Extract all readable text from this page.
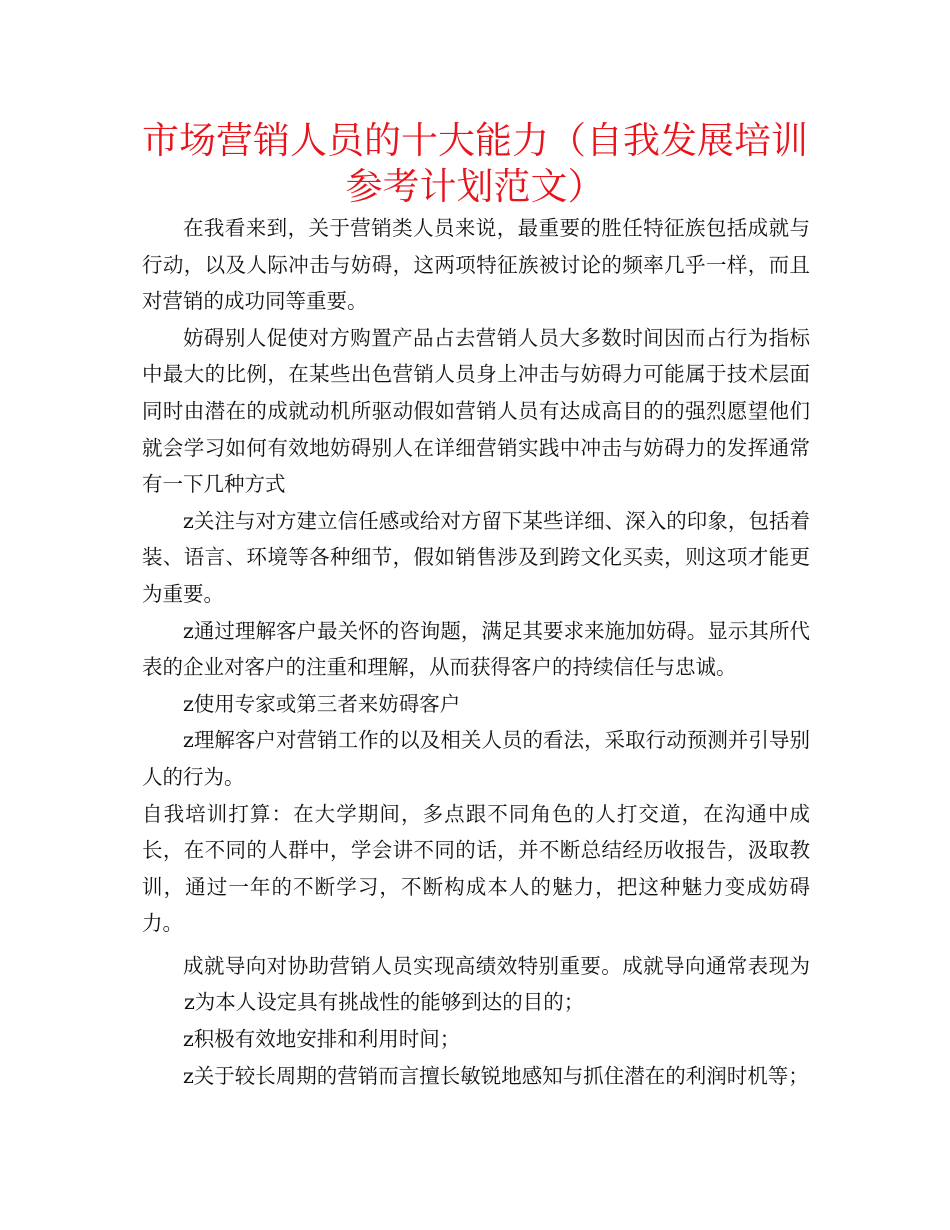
市场营销人员的十大能力（自我发展培训参考计划范文）

在我看来到，关于营销类人员来说，最重要的胜任特征族包括成就与行动，以及人际冲击与妨碍，这两项特征族被讨论的频率几乎一样，而且对营销的成功同等重要。

妨碍别人促使对方购置产品占去营销人员大多数时间因而占行为指标中最大的比例，在某些出色营销人员身上冲击与妨碍力可能属于技术层面同时由潜在的成就动机所驱动假如营销人员有达成高目的的强烈愿望他们就会学习如何有效地妨碍别人在详细营销实践中冲击与妨碍力的发挥通常有一下几种方式

z关注与对方建立信任感或给对方留下某些详细、深入的印象，包括着装、语言、环境等各种细节，假如销售涉及到跨文化买卖，则这项才能更为重要。

z通过理解客户最关怀的咨询题，满足其要求来施加妨碍。显示其所代表的企业对客户的注重和理解，从而获得客户的持续信任与忠诚。

z使用专家或第三者来妨碍客户

z理解客户对营销工作的以及相关人员的看法，采取行动预测并引导别人的行为。

自我培训打算：在大学期间，多点跟不同角色的人打交道，在沟通中成长，在不同的人群中，学会讲不同的话，并不断总结经历收报告，汲取教训，通过一年的不断学习，不断构成本人的魅力，把这种魅力变成妨碍力。

成就导向对协助营销人员实现高绩效特别重要。成就导向通常表现为z为本人设定具有挑战性的能够到达的目的；

z积极有效地安排和利用时间；

z关于较长周期的营销而言擅长敏锐地感知与抓住潜在的利润时机等；
